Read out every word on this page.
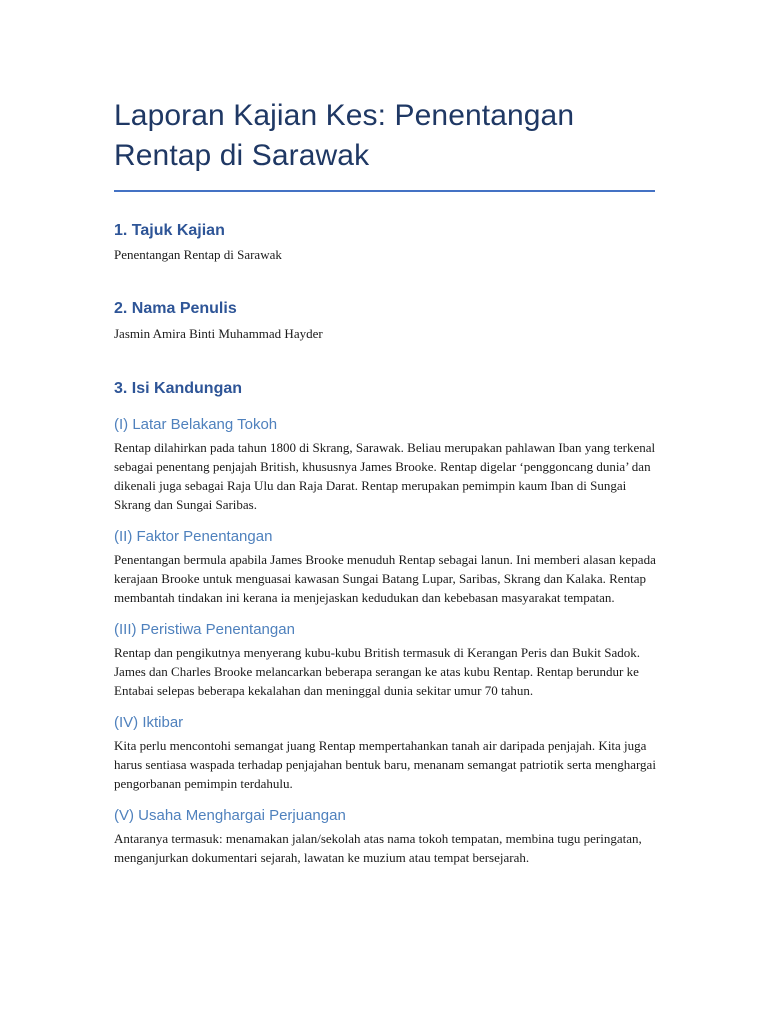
Laporan Kajian Kes: Penentangan
Rentap di Sarawak
1. Tajuk Kajian

Penentangan Rentap di Sarawak

2. Nama Penulis

Jasmin Amira Binti Muhammad Hayder

3. Isi Kandungan
(I) Latar Belakang Tokoh

Rentap dilahirkan pada tahun 1800 di Skrang, Sarawak. Beliau merupakan pahlawan Iban yang terkenal sebagai penentang penjajah British, khususnya James Brooke. Rentap digelar ‘penggoncang dunia’ dan dikenali juga sebagai Raja Ulu dan Raja Darat. Rentap merupakan pemimpin kaum Iban di Sungai Skrang dan Sungai Saribas.

(II) Faktor Penentangan

Penentangan bermula apabila James Brooke menuduh Rentap sebagai lanun. Ini memberi alasan kepada kerajaan Brooke untuk menguasai kawasan Sungai Batang Lupar, Saribas, Skrang dan Kalaka. Rentap membantah tindakan ini kerana ia menjejaskan kedudukan dan kebebasan masyarakat tempatan.

(III) Peristiwa Penentangan

Rentap dan pengikutnya menyerang kubu-kubu British termasuk di Kerangan Peris dan Bukit Sadok. James dan Charles Brooke melancarkan beberapa serangan ke atas kubu Rentap. Rentap berundur ke Entabai selepas beberapa kekalahan dan meninggal dunia sekitar umur 70 tahun.

(IV) Iktibar

Kita perlu mencontohi semangat juang Rentap mempertahankan tanah air daripada penjajah. Kita juga harus sentiasa waspada terhadap penjajahan bentuk baru, menanam semangat patriotik serta menghargai pengorbanan pemimpin terdahulu.

(V) Usaha Menghargai Perjuangan

Antaranya termasuk: menamakan jalan/sekolah atas nama tokoh tempatan, membina tugu peringatan, menganjurkan dokumentari sejarah, lawatan ke muzium atau tempat bersejarah.
